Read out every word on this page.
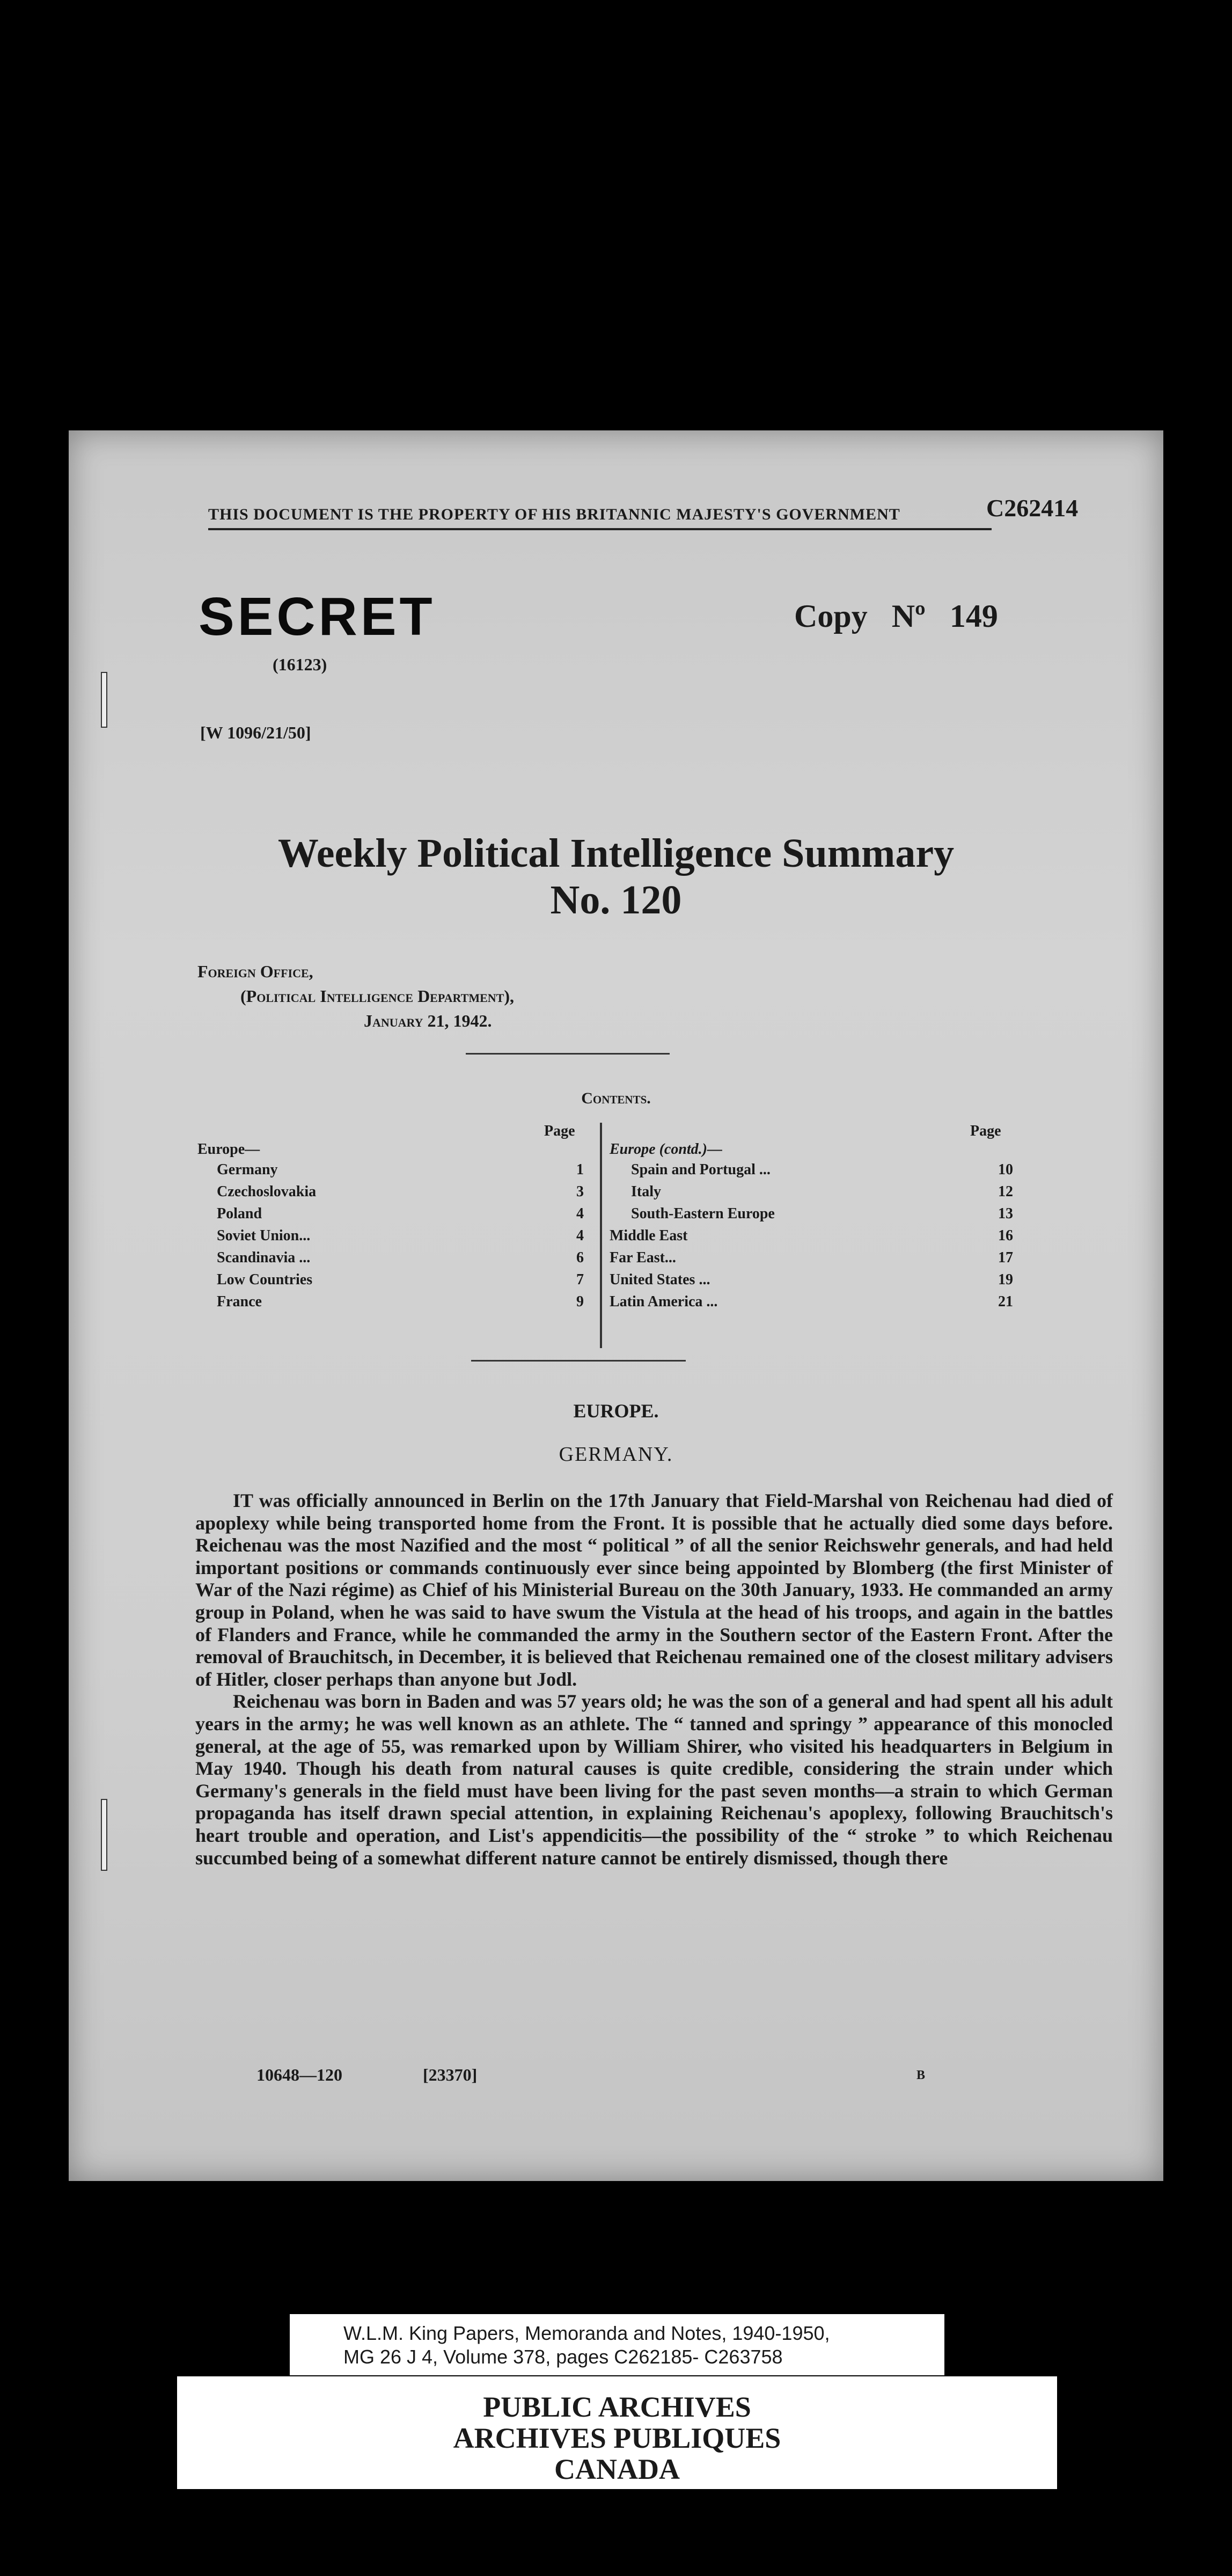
THIS DOCUMENT IS THE PROPERTY OF HIS BRITANNIC MAJESTY'S GOVERNMENT	C262414
SECRET
(16123)
[W 1096/21/50]
Copy Nº 149
Weekly Political Intelligence Summary
No. 120
Foreign Office,
(Political Intelligence Department),
January 21, 1942.
Contents.
Page	Page
Europe—	Europe (contd.)—
Germany	1
Czechoslovakia	3
Poland	4
Soviet Union...	4
Scandinavia ...	6
Low Countries	7
France	9
Spain and Portugal ...	10
Italy	12
South-Eastern Europe	13
Middle East	16
Far East...	17
United States ...	19
Latin America ...	21
EUROPE.
GERMANY.

IT was officially announced in Berlin on the 17th January that Field-Marshal von Reichenau had died of apoplexy while being transported home from the Front. It is possible that he actually died some days before. Reichenau was the most Nazified and the most “ political ” of all the senior Reichswehr generals, and had held important positions or commands continuously ever since being appointed by Blomberg (the first Minister of War of the Nazi régime) as Chief of his Ministerial Bureau on the 30th January, 1933. He commanded an army group in Poland, when he was said to have swum the Vistula at the head of his troops, and again in the battles of Flanders and France, while he commanded the army in the Southern sector of the Eastern Front. After the removal of Brauchitsch, in December, it is believed that Reichenau remained one of the closest military advisers of Hitler, closer perhaps than anyone but Jodl.

Reichenau was born in Baden and was 57 years old; he was the son of a general and had spent all his adult years in the army; he was well known as an athlete. The “ tanned and springy ” appearance of this monocled general, at the age of 55, was remarked upon by William Shirer, who visited his headquarters in Belgium in May 1940. Though his death from natural causes is quite credible, considering the strain under which Germany's generals in the field must have been living for the past seven months—a strain to which German propaganda has itself drawn special attention, in explaining Reichenau's apoplexy, following Brauchitsch's heart trouble and operation, and List's appendicitis—the possibility of the “ stroke ” to which Reichenau succumbed being of a somewhat different nature cannot be entirely dismissed, though there

10648—120	[23370]	B
W.L.M. King Papers, Memoranda and Notes, 1940-1950,
MG 26 J 4, Volume 378, pages C262185- C263758
PUBLIC ARCHIVES
ARCHIVES PUBLIQUES
CANADA
